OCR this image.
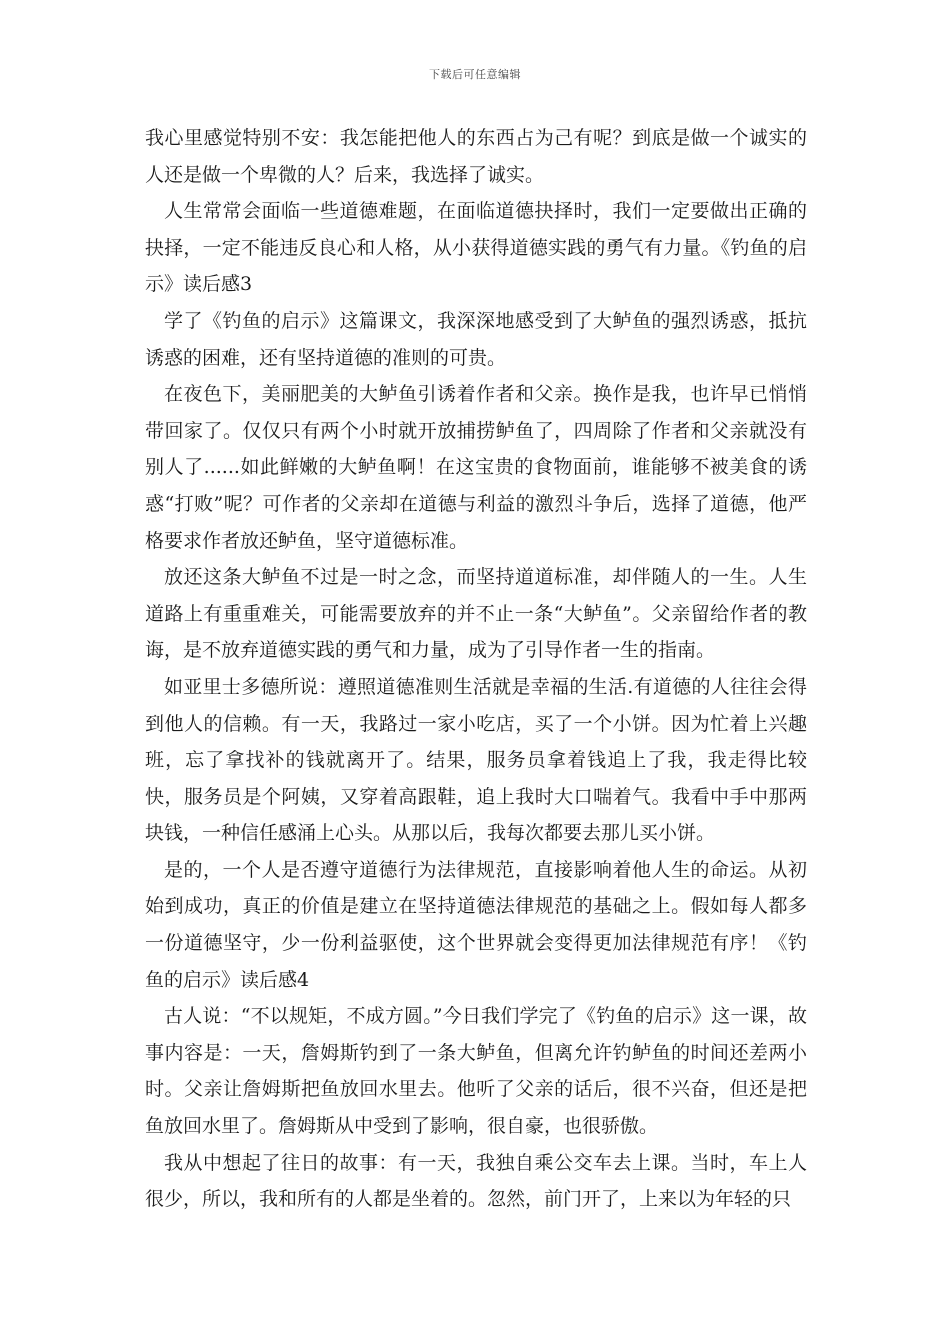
下载后可任意编辑

我心里感觉特别不安：我怎能把他人的东西占为己有呢？到底是做一个诚实的人还是做一个卑微的人？后来，我选择了诚实。

人生常常会面临一些道德难题，在面临道德抉择时，我们一定要做出正确的抉择，一定不能违反良心和人格，从小获得道德实践的勇气有力量。《钓鱼的启示》读后感3

学了《钓鱼的启示》这篇课文，我深深地感受到了大鲈鱼的强烈诱惑，抵抗诱惑的困难，还有坚持道德的准则的可贵。

在夜色下，美丽肥美的大鲈鱼引诱着作者和父亲。换作是我，也许早已悄悄带回家了。仅仅只有两个小时就开放捕捞鲈鱼了，四周除了作者和父亲就没有别人了......如此鲜嫩的大鲈鱼啊！在这宝贵的食物面前，谁能够不被美食的诱惑“打败”呢？可作者的父亲却在道德与利益的激烈斗争后，选择了道德，他严格要求作者放还鲈鱼，坚守道德标准。

放还这条大鲈鱼不过是一时之念，而坚持道道标准，却伴随人的一生。人生道路上有重重难关，可能需要放弃的并不止一条“大鲈鱼”。父亲留给作者的教诲，是不放弃道德实践的勇气和力量，成为了引导作者一生的指南。

如亚里士多德所说：遵照道德准则生活就是幸福的生活.有道德的人往往会得到他人的信赖。有一天，我路过一家小吃店，买了一个小饼。因为忙着上兴趣班，忘了拿找补的钱就离开了。结果，服务员拿着钱追上了我，我走得比较快，服务员是个阿姨，又穿着高跟鞋，追上我时大口喘着气。我看中手中那两块钱，一种信任感涌上心头。从那以后，我每次都要去那儿买小饼。

是的，一个人是否遵守道德行为法律规范，直接影响着他人生的命运。从初始到成功，真正的价值是建立在坚持道德法律规范的基础之上。假如每人都多一份道德坚守，少一份利益驱使，这个世界就会变得更加法律规范有序！《钓鱼的启示》读后感4

古人说：“不以规矩，不成方圆。”今日我们学完了《钓鱼的启示》这一课，故事内容是：一天，詹姆斯钓到了一条大鲈鱼，但离允许钓鲈鱼的时间还差两小时。父亲让詹姆斯把鱼放回水里去。他听了父亲的话后，很不兴奋，但还是把鱼放回水里了。詹姆斯从中受到了影响，很自豪，也很骄傲。

我从中想起了往日的故事：有一天，我独自乘公交车去上课。当时，车上人很少，所以，我和所有的人都是坐着的。忽然，前门开了，上来以为年轻的只
